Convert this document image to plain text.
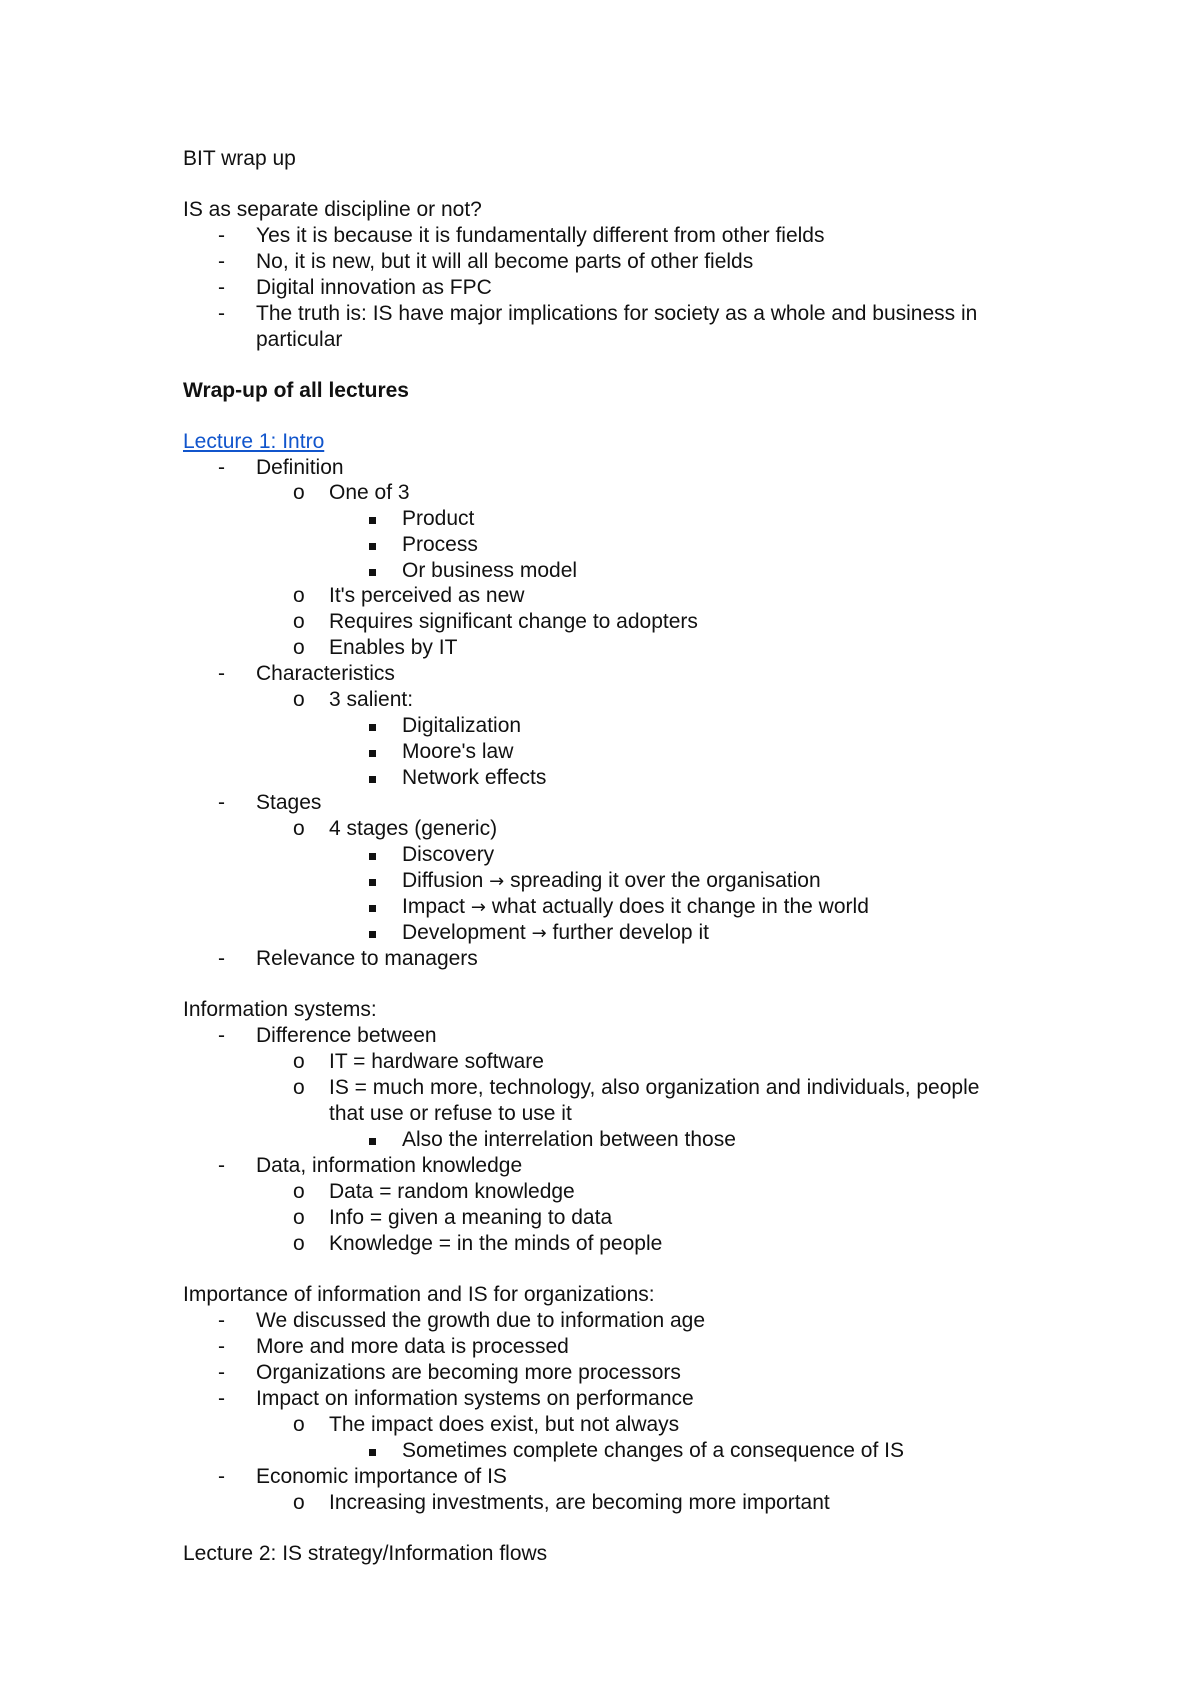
BIT wrap up
IS as separate discipline or not?
- Yes it is because it is fundamentally different from other fields
- No, it is new, but it will all become parts of other fields
- Digital innovation as FPC
- The truth is: IS have major implications for society as a whole and business in
particular
Wrap-up of all lectures
Lecture 1: Intro
- Definition
o One of 3
Product
Process
Or business model
o It's perceived as new
o Requires significant change to adopters
o Enables by IT
- Characteristics
o 3 salient:
Digitalization
Moore's law
Network effects
- Stages
o 4 stages (generic)
Discovery
Diffusion → spreading it over the organisation
Impact → what actually does it change in the world
Development → further develop it
- Relevance to managers
Information systems:
- Difference between
o IT = hardware software
o IS = much more, technology, also organization and individuals, people
that use or refuse to use it
Also the interrelation between those
- Data, information knowledge
o Data = random knowledge
o Info = given a meaning to data
o Knowledge = in the minds of people
Importance of information and IS for organizations:
- We discussed the growth due to information age
- More and more data is processed
- Organizations are becoming more processors
- Impact on information systems on performance
o The impact does exist, but not always
Sometimes complete changes of a consequence of IS
- Economic importance of IS
o Increasing investments, are becoming more important
Lecture 2: IS strategy/Information flows
